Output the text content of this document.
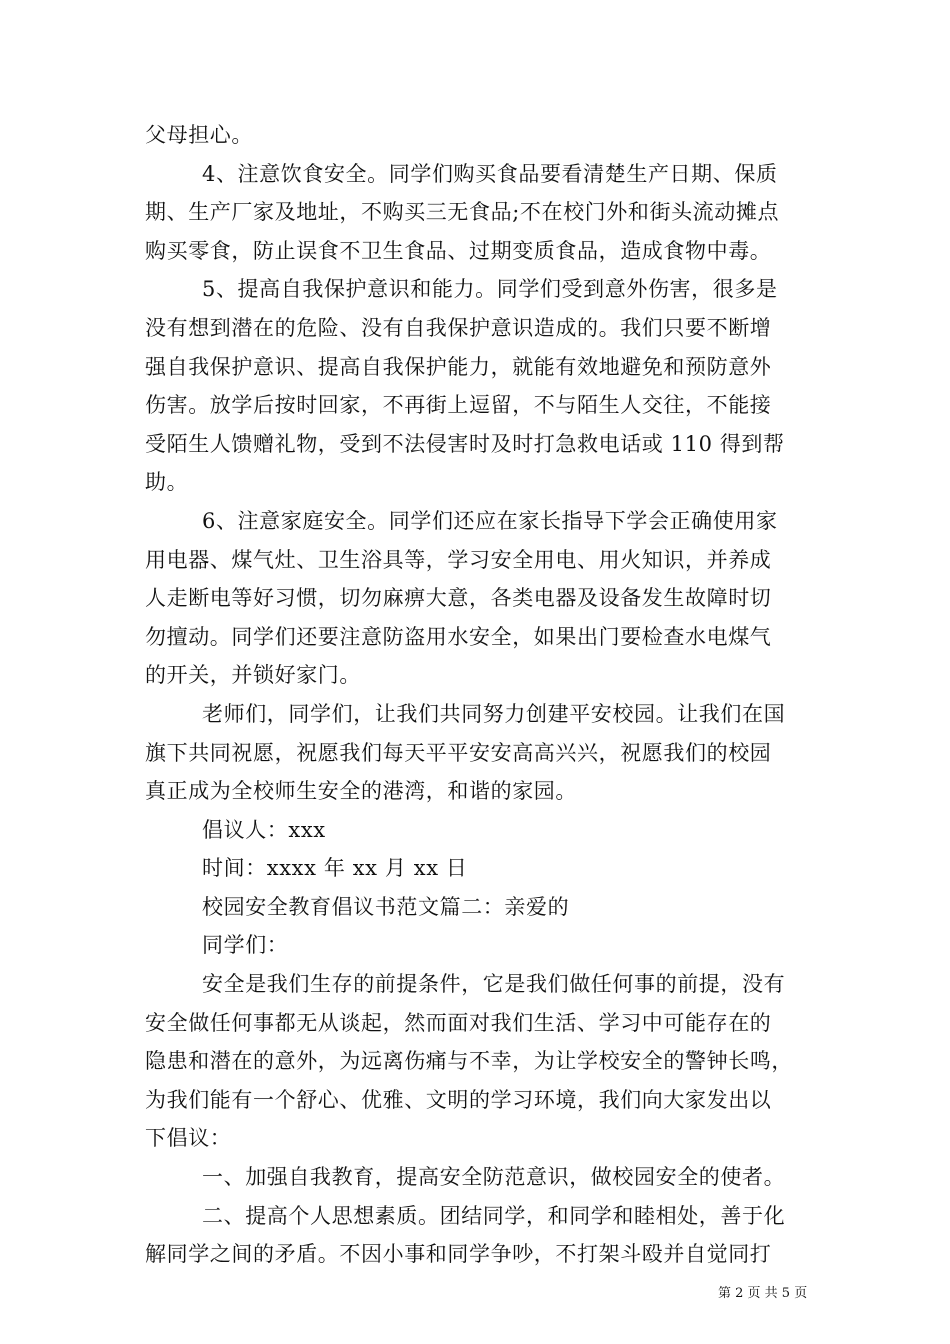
父母担心。
4、注意饮食安全。同学们购买食品要看清楚生产日期、保质
期、生产厂家及地址，不购买三无食品;不在校门外和街头流动摊点
购买零食，防止误食不卫生食品、过期变质食品，造成食物中毒。
5、提高自我保护意识和能力。同学们受到意外伤害，很多是
没有想到潜在的危险、没有自我保护意识造成的。我们只要不断增
强自我保护意识、提高自我保护能力，就能有效地避免和预防意外
伤害。放学后按时回家，不再街上逗留，不与陌生人交往，不能接
受陌生人馈赠礼物，受到不法侵害时及时打急救电话或 110 得到帮
助。
6、注意家庭安全。同学们还应在家长指导下学会正确使用家
用电器、煤气灶、卫生浴具等，学习安全用电、用火知识，并养成
人走断电等好习惯，切勿麻痹大意，各类电器及设备发生故障时切
勿擅动。同学们还要注意防盗用水安全，如果出门要检查水电煤气
的开关，并锁好家门。
老师们，同学们，让我们共同努力创建平安校园。让我们在国
旗下共同祝愿，祝愿我们每天平平安安高高兴兴，祝愿我们的校园
真正成为全校师生安全的港湾，和谐的家园。
倡议人：xxx
时间：xxxx 年 xx 月 xx 日
校园安全教育倡议书范文篇二：亲爱的
同学们：
安全是我们生存的前提条件，它是我们做任何事的前提，没有
安全做任何事都无从谈起，然而面对我们生活、学习中可能存在的
隐患和潜在的意外，为远离伤痛与不幸，为让学校安全的警钟长鸣，
为我们能有一个舒心、优雅、文明的学习环境，我们向大家发出以
下倡议：
一、加强自我教育，提高安全防范意识，做校园安全的使者。
二、提高个人思想素质。团结同学，和同学和睦相处，善于化
解同学之间的矛盾。不因小事和同学争吵，不打架斗殴并自觉同打
第 2 页 共 5 页
